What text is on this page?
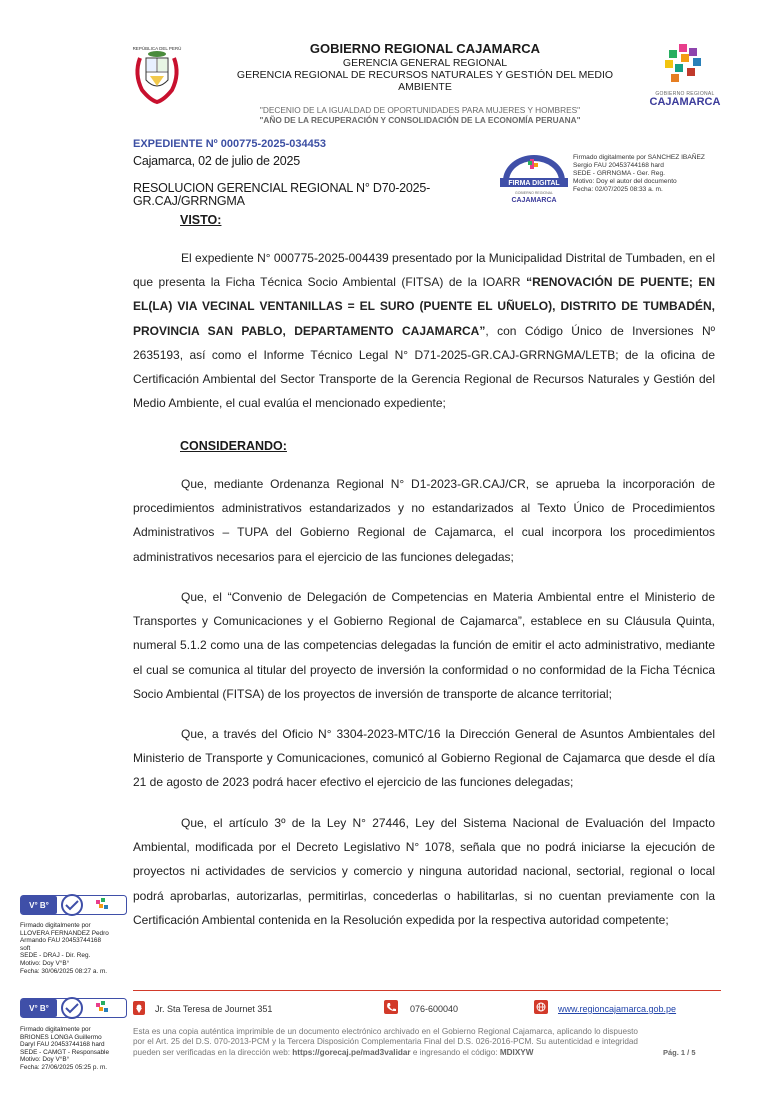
REPÚBLICA DEL PERÚ	GOBIERNO REGIONAL CAJAMARCA
GERENCIA GENERAL REGIONAL
GERENCIA REGIONAL DE RECURSOS NATURALES Y GESTIÓN DEL MEDIO AMBIENTE
GOBIERNO REGIONAL
CAJAMARCA
"DECENIO DE LA IGUALDAD DE OPORTUNIDADES PARA MUJERES Y HOMBRES"
"AÑO DE LA RECUPERACIÓN Y CONSOLIDACIÓN DE LA ECONOMÍA PERUANA"
EXPEDIENTE Nº 000775-2025-034453
Cajamarca, 02 de julio de 2025
RESOLUCION GERENCIAL REGIONAL N° D70-2025-GR.CAJ/GRRNGMA
FIRMA DIGITAL
GOBIERNO REGIONAL
CAJAMARCA
Firmado digitalmente por SANCHEZ IBAÑEZ
Sergio FAU 20453744168 hard
SEDE - GRRNGMA - Ger. Reg.
Motivo: Doy el autor del documento
Fecha: 02/07/2025 08:33 a. m.
VISTO:
El expediente N° 000775-2025-004439 presentado por la Municipalidad Distrital de Tumbaden, en el que presenta la Ficha Técnica Socio Ambiental (FITSA) de la IOARR “RENOVACIÓN DE PUENTE; EN EL(LA) VIA VECINAL VENTANILLAS = EL SURO (PUENTE EL UÑUELO), DISTRITO DE TUMBADÉN, PROVINCIA SAN PABLO, DEPARTAMENTO CAJAMARCA”, con Código Único de Inversiones Nº 2635193, así como el Informe Técnico Legal N° D71-2025-GR.CAJ-GRRNGMA/LETB; de la oficina de Certificación Ambiental del Sector Transporte de la Gerencia Regional de Recursos Naturales y Gestión del Medio Ambiente, el cual evalúa el mencionado expediente;
CONSIDERANDO:
Que, mediante Ordenanza Regional N° D1-2023-GR.CAJ/CR, se aprueba la incorporación de procedimientos administrativos estandarizados y no estandarizados al Texto Único de Procedimientos Administrativos – TUPA del Gobierno Regional de Cajamarca, el cual incorpora los procedimientos administrativos necesarios para el ejercicio de las funciones delegadas;
Que, el “Convenio de Delegación de Competencias en Materia Ambiental entre el Ministerio de Transportes y Comunicaciones y el Gobierno Regional de Cajamarca”, establece en su Cláusula Quinta, numeral 5.1.2 como una de las competencias delegadas la función de emitir el acto administrativo, mediante el cual se comunica al titular del proyecto de inversión la conformidad o no conformidad de la Ficha Técnica Socio Ambiental (FITSA) de los proyectos de inversión de transporte de alcance territorial;
Que, a través del Oficio N° 3304-2023-MTC/16 la Dirección General de Asuntos Ambientales del Ministerio de Transporte y Comunicaciones, comunicó al Gobierno Regional de Cajamarca que desde el día 21 de agosto de 2023 podrá hacer efectivo el ejercicio de las funciones delegadas;
Que, el artículo 3º de la Ley N° 27446, Ley del Sistema Nacional de Evaluación del Impacto Ambiental, modificada por el Decreto Legislativo N° 1078, señala que no podrá iniciarse la ejecución de proyectos ni actividades de servicios y comercio y ninguna autoridad nacional, sectorial, regional o local podrá aprobarlas, autorizarlas, permitirlas, concederlas o habilitarlas, si no cuentan previamente con la Certificación Ambiental contenida en la Resolución expedida por la respectiva autoridad competente;
V° B°
Firmado digitalmente por
LLOVERA FERNANDEZ Pedro
Armando FAU 20453744168
soft
SEDE - DRAJ - Dir. Reg.
Motivo: Doy V°B°
Fecha: 30/06/2025 08:27 a. m.
V° B°
Firmado digitalmente por
BRIONES LONGA Guillermo
Daryl FAU 20453744168 hard
SEDE - CAMGT - Responsable
Motivo: Doy V°B°
Fecha: 27/06/2025 05:25 p. m.
Jr. Sta Teresa de Journet 351	076-600040	www.regioncajamarca.gob.pe
Esta es una copia auténtica imprimible de un documento electrónico archivado en el Gobierno Regional Cajamarca, aplicando lo dispuesto por el Art. 25 del D.S. 070-2013-PCM y la Tercera Disposición Complementaria Final del D.S. 026-2016-PCM. Su autenticidad e integridad pueden ser verificadas en la dirección web: https://gorecaj.pe/mad3validar e ingresando el código: MDIXYW	Pág. 1 / 5
